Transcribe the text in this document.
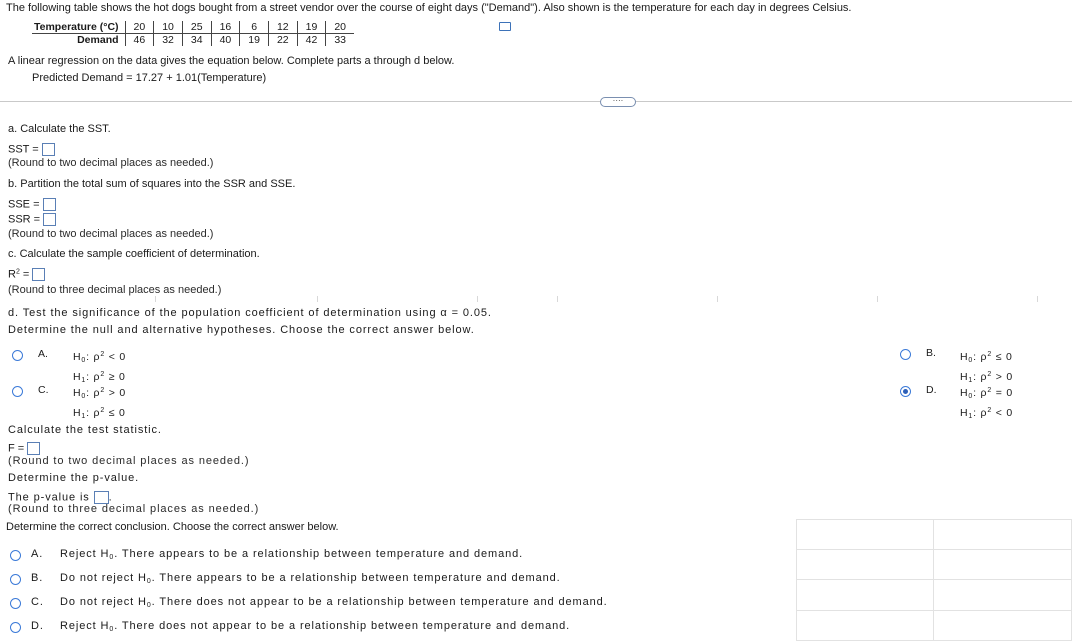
The following table shows the hot dogs bought from a street vendor over the course of eight days ("Demand"). Also shown is the temperature for each day in degrees Celsius.
Temperature (°C)	20	10	25	16	6	12	19	20
Demand	46	32	34	40	19	22	42	33
A linear regression on the data gives the equation below. Complete parts a through d below.
Predicted Demand = 17.27 + 1.01(Temperature)
····
a. Calculate the SST.
SST =
(Round to two decimal places as needed.)
b. Partition the total sum of squares into the SSR and SSE.
SSE =
SSR =
(Round to two decimal places as needed.)
c. Calculate the sample coefficient of determination.
$R^2$ =
(Round to three decimal places as needed.)
d. Test the significance of the population coefficient of determination using α = 0.05.
Determine the null and alternative hypotheses. Choose the correct answer below.
A. $H_0$: $\rho^2 < 0$
$H_1$: $\rho^2 \ge 0$
C. $H_0$: $\rho^2 > 0$
$H_1$: $\rho^2 \le 0$
B. $H_0$: $\rho^2 \le 0$
$H_1$: $\rho^2 > 0$
D. $H_0$: $\rho^2 = 0$
$H_1$: $\rho^2 < 0$
Calculate the test statistic.
F =
(Round to two decimal places as needed.)
Determine the p-value.
The p-value is .
(Round to three decimal places as needed.)
Determine the correct conclusion. Choose the correct answer below.
A. Reject $H_0$. There appears to be a relationship between temperature and demand.
B. Do not reject $H_0$. There appears to be a relationship between temperature and demand.
C. Do not reject $H_0$. There does not appear to be a relationship between temperature and demand.
D. Reject $H_0$. There does not appear to be a relationship between temperature and demand.
